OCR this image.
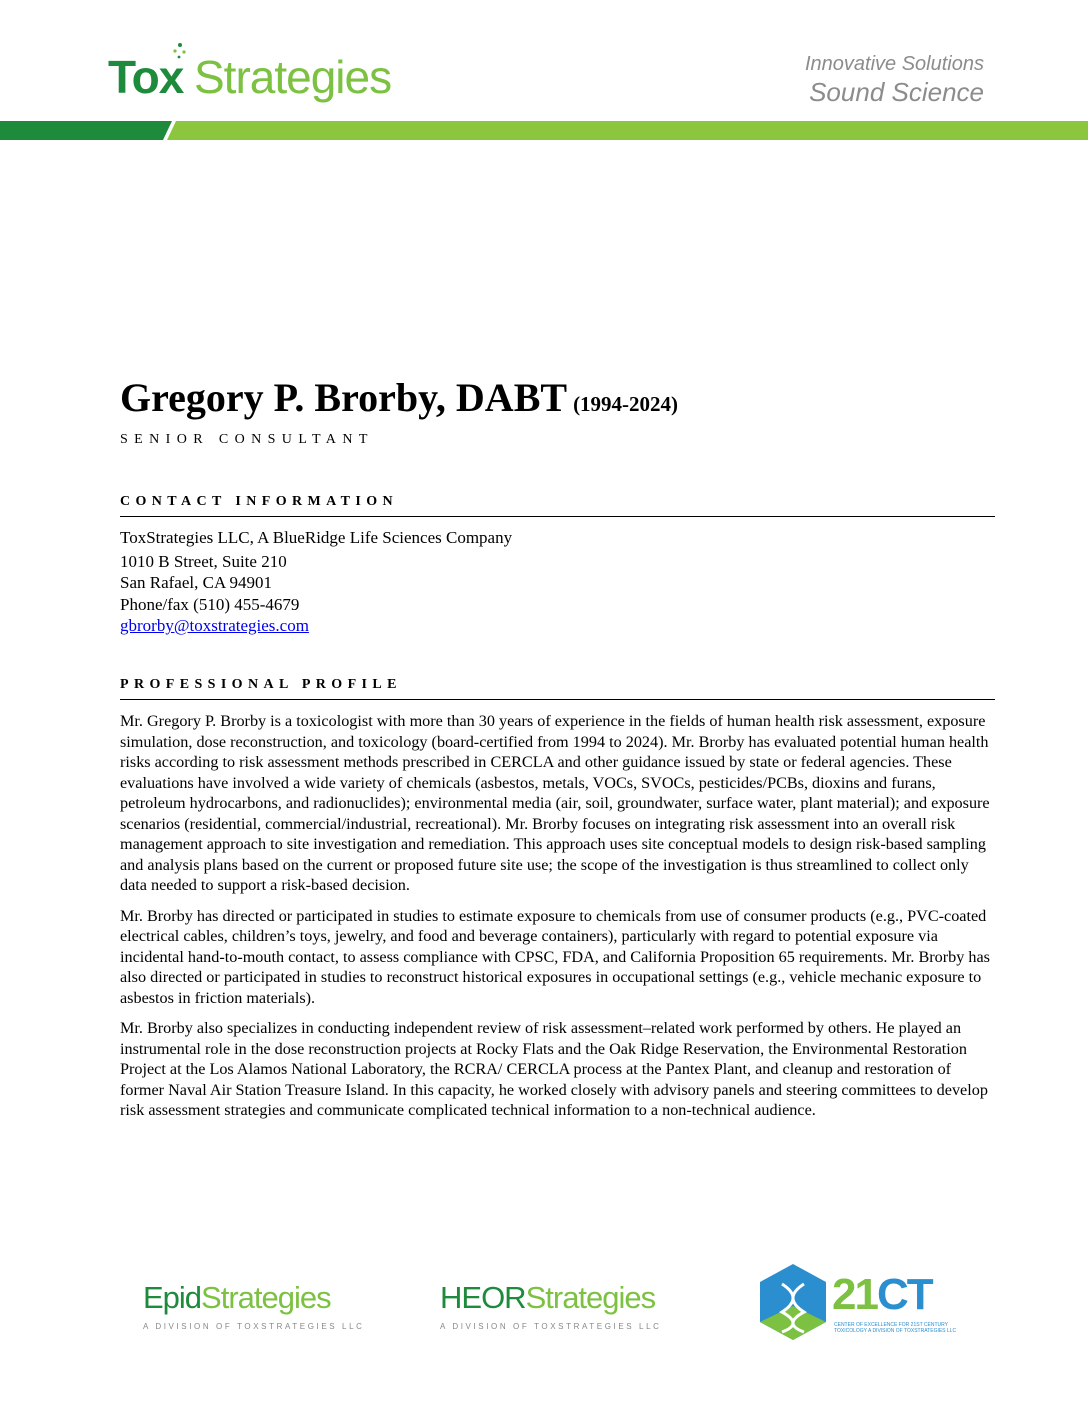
Tox Strategies	Innovative Solutions
Sound Science
Gregory P. Brorby, DABT (1994-2024)
SENIOR CONSULTANT
CONTACT INFORMATION
ToxStrategies LLC, A BlueRidge Life Sciences Company
1010 B Street, Suite 210
San Rafael, CA 94901
Phone/fax (510) 455-4679
gbrorby@toxstrategies.com
PROFESSIONAL PROFILE

Mr. Gregory P. Brorby is a toxicologist with more than 30 years of experience in the fields of human health risk assessment, exposure simulation, dose reconstruction, and toxicology (board-certified from 1994 to 2024). Mr. Brorby has evaluated potential human health risks according to risk assessment methods prescribed in CERCLA and other guidance issued by state or federal agencies. These evaluations have involved a wide variety of chemicals (asbestos, metals, VOCs, SVOCs, pesticides/PCBs, dioxins and furans, petroleum hydrocarbons, and radionuclides); environmental media (air, soil, groundwater, surface water, plant material); and exposure scenarios (residential, commercial/industrial, recreational). Mr. Brorby focuses on integrating risk assessment into an overall risk management approach to site investigation and remediation. This approach uses site conceptual models to design risk-based sampling and analysis plans based on the current or proposed future site use; the scope of the investigation is thus streamlined to collect only data needed to support a risk-based decision.

Mr. Brorby has directed or participated in studies to estimate exposure to chemicals from use of consumer products (e.g., PVC-coated electrical cables, children’s toys, jewelry, and food and beverage containers), particularly with regard to potential exposure via incidental hand-to-mouth contact, to assess compliance with CPSC, FDA, and California Proposition 65 requirements. Mr. Brorby has also directed or participated in studies to reconstruct historical exposures in occupational settings (e.g., vehicle mechanic exposure to asbestos in friction materials).

Mr. Brorby also specializes in conducting independent review of risk assessment–related work performed by others. He played an instrumental role in the dose reconstruction projects at Rocky Flats and the Oak Ridge Reservation, the Environmental Restoration Project at the Los Alamos National Laboratory, the RCRA/ CERCLA process at the Pantex Plant, and cleanup and restoration of former Naval Air Station Treasure Island. In this capacity, he worked closely with advisory panels and steering committees to develop risk assessment strategies and communicate complicated technical information to a non-technical audience.

EpidStrategies
A DIVISION OF TOXSTRATEGIES LLC
HEORStrategies
A DIVISION OF TOXSTRATEGIES LLC
21CT
CENTER OF EXCELLENCE FOR 21ST CENTURY TOXICOLOGY A DIVISION OF TOXSTRATEGIES LLC
